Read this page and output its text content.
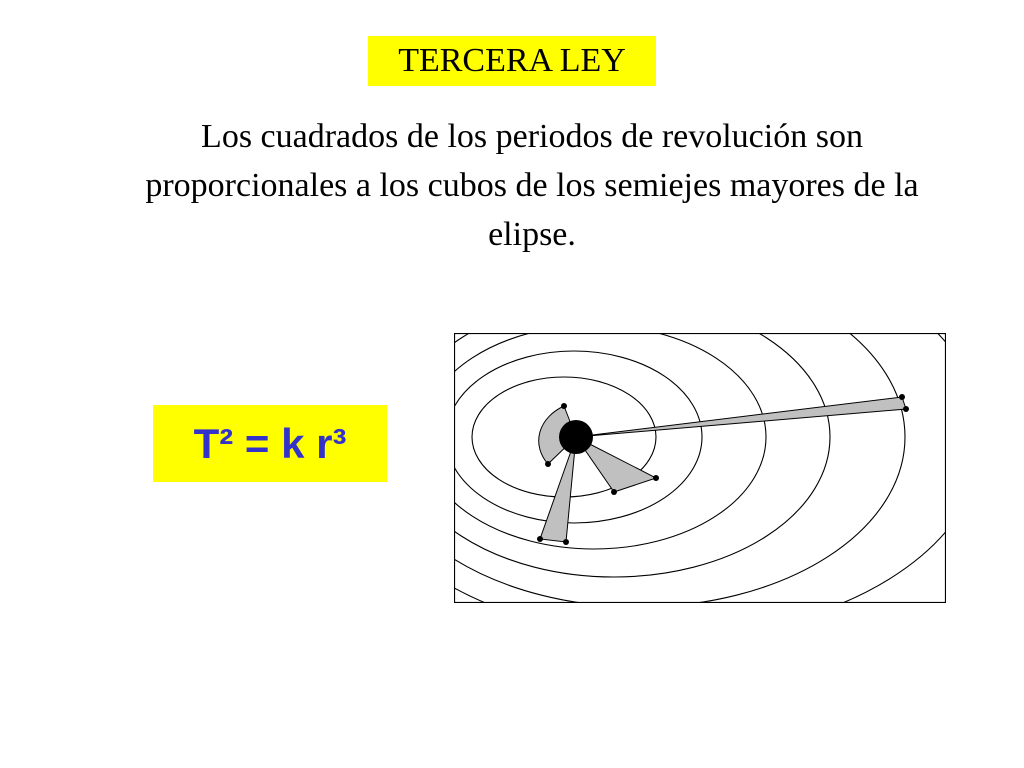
TERCERA LEY
Los cuadrados de los periodos de revolución son proporcionales a los cubos de los semiejes mayores de la elipse.
T² = k r³
